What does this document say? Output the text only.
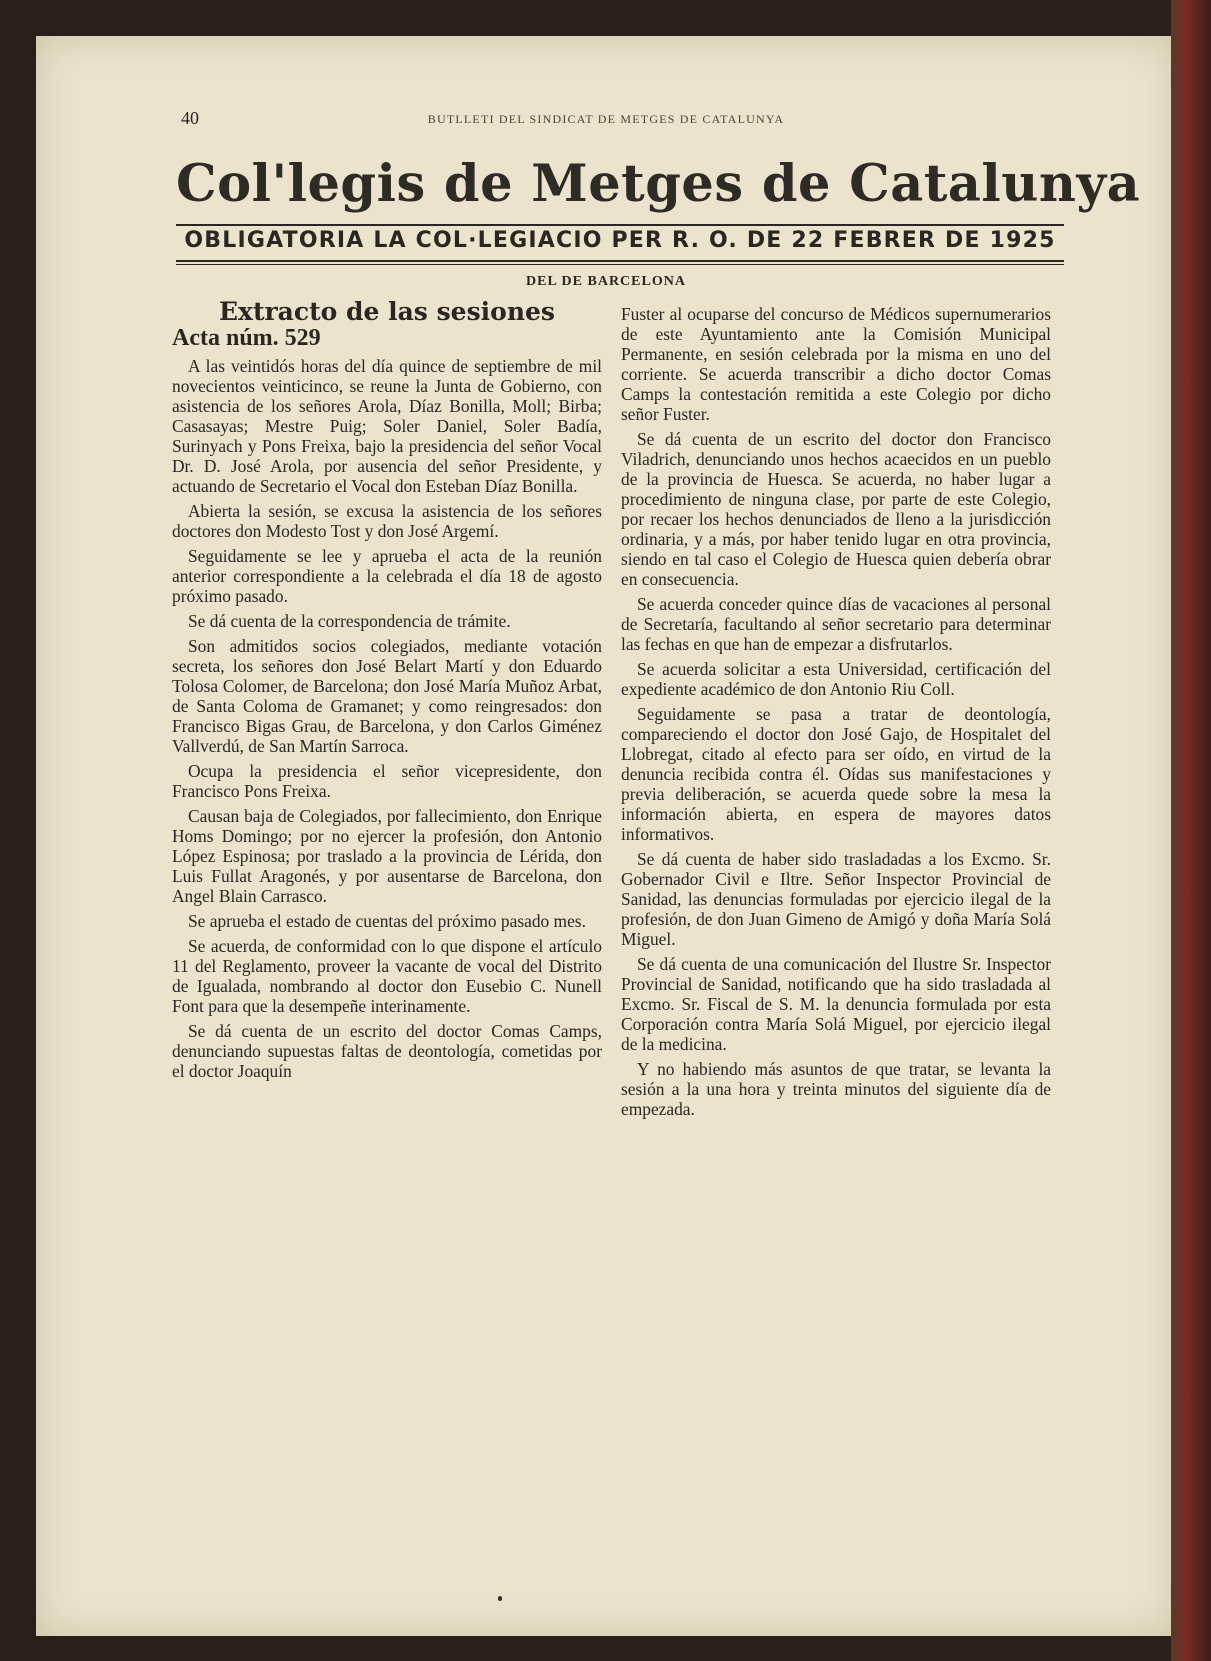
40	BUTLLETI DEL SINDICAT DE METGES DE CATALUNYA
Col'legis de Metges de Catalunya
OBLIGATORIA LA COL·LEGIACIO PER R. O. DE 22 FEBRER DE 1925
DEL DE BARCELONA
Extracto de las sesiones
Acta núm. 529

A las veintidós horas del día quince de septiembre de mil novecientos veinticinco, se reune la Junta de Gobierno, con asistencia de los señores Arola, Díaz Bonilla, Moll; Birba; Casasayas; Mestre Puig; Soler Daniel, Soler Badía, Surinyach y Pons Freixa, bajo la presidencia del señor Vocal Dr. D. José Arola, por ausencia del señor Presidente, y actuando de Secretario el Vocal don Esteban Díaz Bonilla.

Abierta la sesión, se excusa la asistencia de los señores doctores don Modesto Tost y don José Argemí.

Seguidamente se lee y aprueba el acta de la reunión anterior correspondiente a la celebrada el día 18 de agosto próximo pasado.

Se dá cuenta de la correspondencia de trámite.

Son admitidos socios colegiados, mediante votación secreta, los señores don José Belart Martí y don Eduardo Tolosa Colomer, de Barcelona; don José María Muñoz Arbat, de Santa Coloma de Gramanet; y como reingresados: don Francisco Bigas Grau, de Barcelona, y don Carlos Giménez Vallverdú, de San Martín Sarroca.

Ocupa la presidencia el señor vicepresidente, don Francisco Pons Freixa.

Causan baja de Colegiados, por fallecimiento, don Enrique Homs Domingo; por no ejercer la profesión, don Antonio López Espinosa; por traslado a la provincia de Lérida, don Luis Fullat Aragonés, y por ausentarse de Barcelona, don Angel Blain Carrasco.

Se aprueba el estado de cuentas del próximo pasado mes.

Se acuerda, de conformidad con lo que dispone el artículo 11 del Reglamento, proveer la vacante de vocal del Distrito de Igualada, nombrando al doctor don Eusebio C. Nunell Font para que la desempeñe interinamente.

Se dá cuenta de un escrito del doctor Comas Camps, denunciando supuestas faltas de deontología, cometidas por el doctor Joaquín

Fuster al ocuparse del concurso de Médicos supernumerarios de este Ayuntamiento ante la Comisión Municipal Permanente, en sesión celebrada por la misma en uno del corriente. Se acuerda transcribir a dicho doctor Comas Camps la contestación remitida a este Colegio por dicho señor Fuster.

Se dá cuenta de un escrito del doctor don Francisco Viladrich, denunciando unos hechos acaecidos en un pueblo de la provincia de Huesca. Se acuerda, no haber lugar a procedimiento de ninguna clase, por parte de este Colegio, por recaer los hechos denunciados de lleno a la jurisdicción ordinaria, y a más, por haber tenido lugar en otra provincia, siendo en tal caso el Colegio de Huesca quien debería obrar en consecuencia.

Se acuerda conceder quince días de vacaciones al personal de Secretaría, facultando al señor secretario para determinar las fechas en que han de empezar a disfrutarlos.

Se acuerda solicitar a esta Universidad, certificación del expediente académico de don Antonio Riu Coll.

Seguidamente se pasa a tratar de deontología, compareciendo el doctor don José Gajo, de Hospitalet del Llobregat, citado al efecto para ser oído, en virtud de la denuncia recibida contra él. Oídas sus manifestaciones y previa deliberación, se acuerda quede sobre la mesa la información abierta, en espera de mayores datos informativos.

Se dá cuenta de haber sido trasladadas a los Excmo. Sr. Gobernador Civil e Iltre. Señor Inspector Provincial de Sanidad, las denuncias formuladas por ejercicio ilegal de la profesión, de don Juan Gimeno de Amigó y doña María Solá Miguel.

Se dá cuenta de una comunicación del Ilustre Sr. Inspector Provincial de Sanidad, notificando que ha sido trasladada al Excmo. Sr. Fiscal de S. M. la denuncia formulada por esta Corporación contra María Solá Miguel, por ejercicio ilegal de la medicina.

Y no habiendo más asuntos de que tratar, se levanta la sesión a la una hora y treinta minutos del siguiente día de empezada.
